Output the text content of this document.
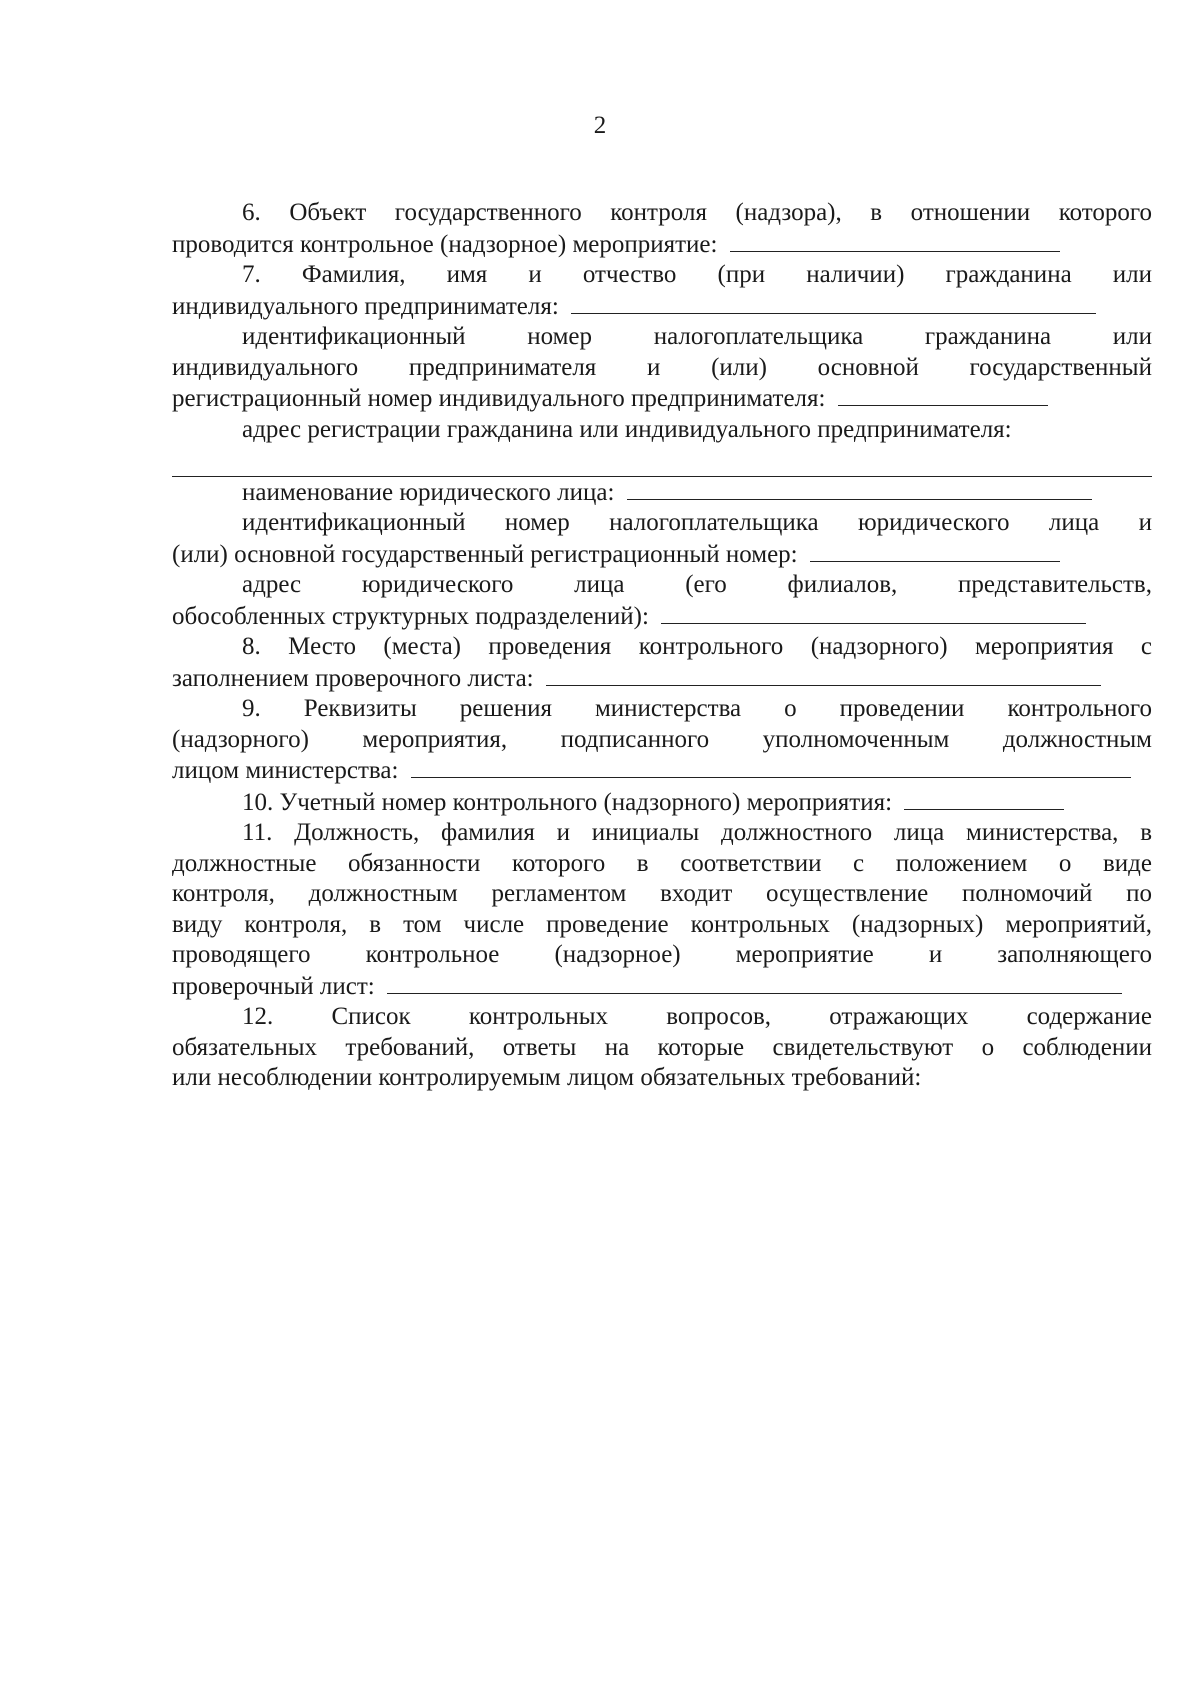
2

6. Объект государственного контроля (надзора), в отношении которого

проводится контрольное (надзорное) мероприятие:

7. Фамилия, имя и отчество (при наличии) гражданина или

индивидуального предпринимателя:

идентификационный номер налогоплательщика гражданина или

индивидуального предпринимателя и (или) основной государственный

регистрационный номер индивидуального предпринимателя:

адрес регистрации гражданина или индивидуального предпринимателя:

наименование юридического лица:

идентификационный номер налогоплательщика юридического лица и

(или) основной государственный регистрационный номер:

адрес юридического лица (его филиалов, представительств,

обособленных структурных подразделений):

8. Место (места) проведения контрольного (надзорного) мероприятия с

заполнением проверочного листа:

9. Реквизиты решения министерства о проведении контрольного

(надзорного) мероприятия, подписанного уполномоченным должностным

лицом министерства:

10. Учетный номер контрольного (надзорного) мероприятия:

11. Должность, фамилия и инициалы должностного лица министерства, в

должностные обязанности которого в соответствии с положением о виде

контроля, должностным регламентом входит осуществление полномочий по

виду контроля, в том числе проведение контрольных (надзорных) мероприятий,

проводящего контрольное (надзорное) мероприятие и заполняющего

проверочный лист:

12. Список контрольных вопросов, отражающих содержание

обязательных требований, ответы на которые свидетельствуют о соблюдении

или несоблюдении контролируемым лицом обязательных требований:
